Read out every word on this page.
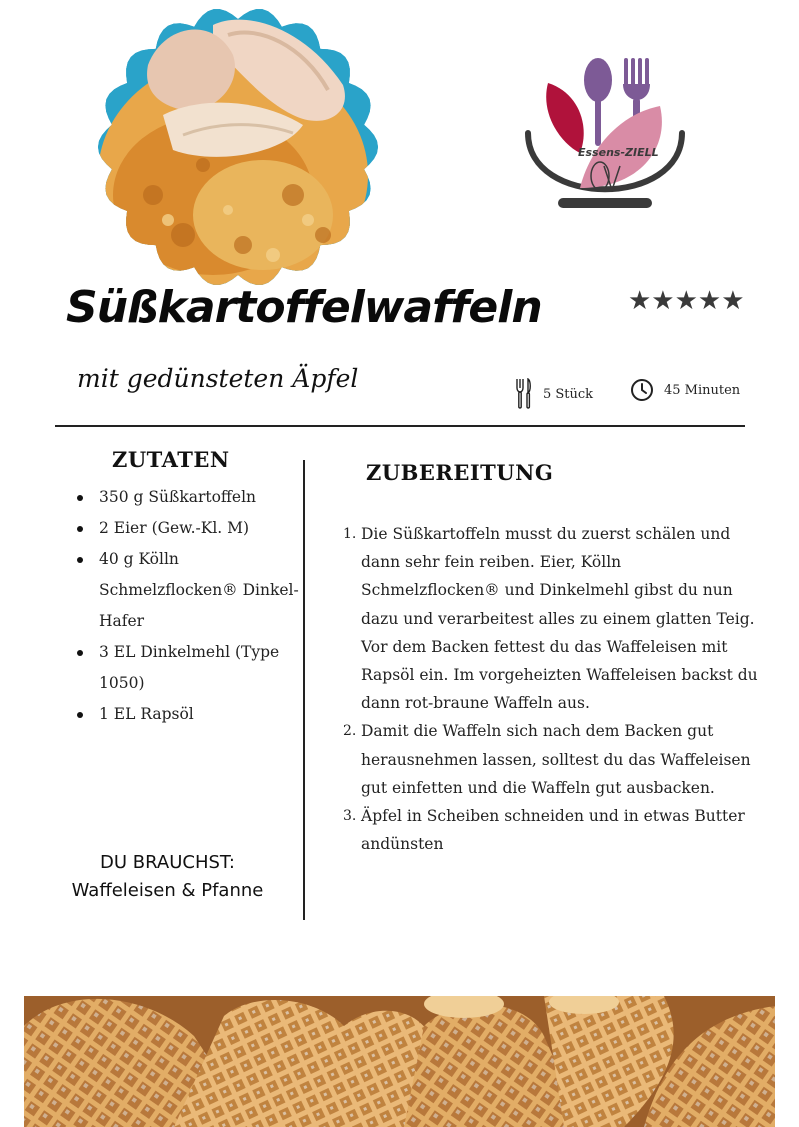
Essens-ZIELL
★★★★★
Süßkartoffelwaffeln
mit gedünsteten Äpfel
5 Stück	45 Minuten
ZUTATEN
350 g Süßkartoffeln
2 Eier (Gew.-Kl. M)
40 g Kölln Schmelzflocken® Dinkel-Hafer
3 EL Dinkelmehl (Type 1050)
1 EL Rapsöl
DU BRAUCHST:
Waffeleisen & Pfanne
ZUBEREITUNG
1. Die Süßkartoffeln musst du zuerst schälen und dann sehr fein reiben. Eier, Kölln Schmelzflocken® und Dinkelmehl gibst du nun dazu und verarbeitest alles zu einem glatten Teig. Vor dem Backen fettest du das Waffeleisen mit Rapsöl ein. Im vorgeheizten Waffeleisen backst du dann rot-braune Waffeln aus.
2. Damit die Waffeln sich nach dem Backen gut herausnehmen lassen, solltest du das Waffeleisen gut einfetten und die Waffeln gut ausbacken.
3. Äpfel in Scheiben schneiden und in etwas Butter andünsten
